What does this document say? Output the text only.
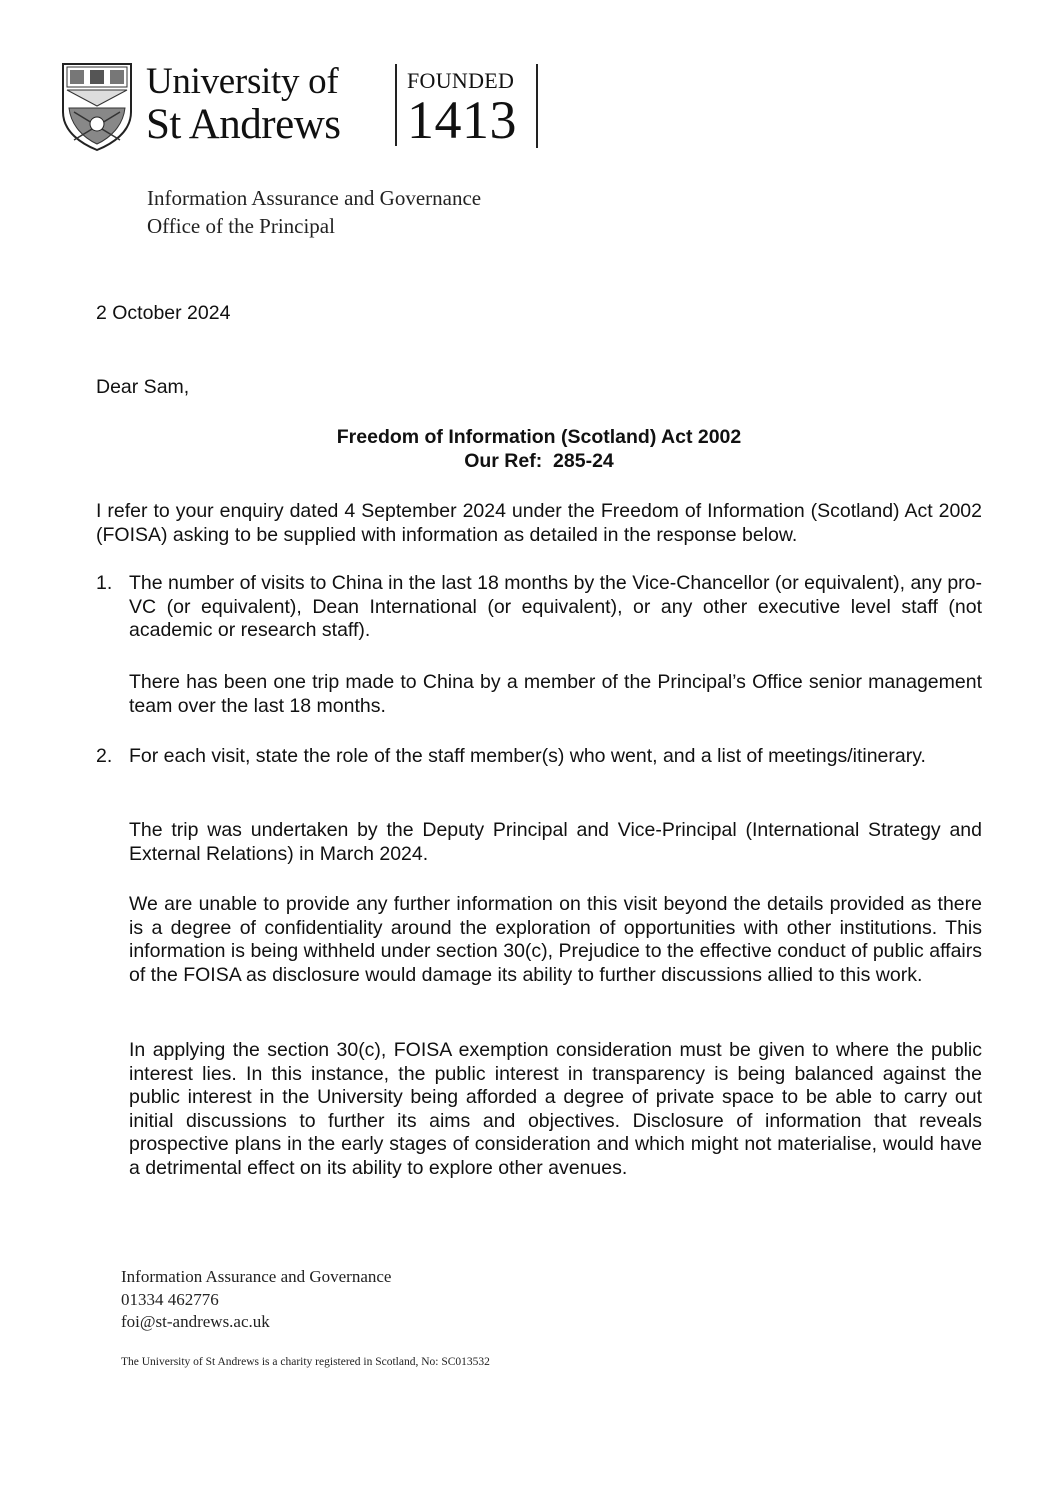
University of
St Andrews
FOUNDED
1413
Information Assurance and Governance
Office of the Principal
2 October 2024
Dear Sam,
Freedom of Information (Scotland) Act 2002
Our Ref:  285-24
I refer to your enquiry dated 4 September 2024 under the Freedom of Information (Scotland) Act 2002 (FOISA) asking to be supplied with information as detailed in the response below.
1. The number of visits to China in the last 18 months by the Vice-Chancellor (or equivalent), any pro-VC (or equivalent), Dean International (or equivalent), or any other executive level staff (not academic or research staff).
There has been one trip made to China by a member of the Principal’s Office senior management team over the last 18 months.
2. For each visit, state the role of the staff member(s) who went, and a list of meetings/itinerary.
The trip was undertaken by the Deputy Principal and Vice-Principal (International Strategy and External Relations) in March 2024.
We are unable to provide any further information on this visit beyond the details provided as there is a degree of confidentiality around the exploration of opportunities with other institutions. This information is being withheld under section 30(c), Prejudice to the effective conduct of public affairs of the FOISA as disclosure would damage its ability to further discussions allied to this work.
In applying the section 30(c), FOISA exemption consideration must be given to where the public interest lies. In this instance, the public interest in transparency is being balanced against the public interest in the University being afforded a degree of private space to be able to carry out initial discussions to further its aims and objectives. Disclosure of information that reveals prospective plans in the early stages of consideration and which might not materialise, would have a detrimental effect on its ability to explore other avenues.
Information Assurance and Governance
01334 462776
foi@st-andrews.ac.uk
The University of St Andrews is a charity registered in Scotland, No: SC013532
